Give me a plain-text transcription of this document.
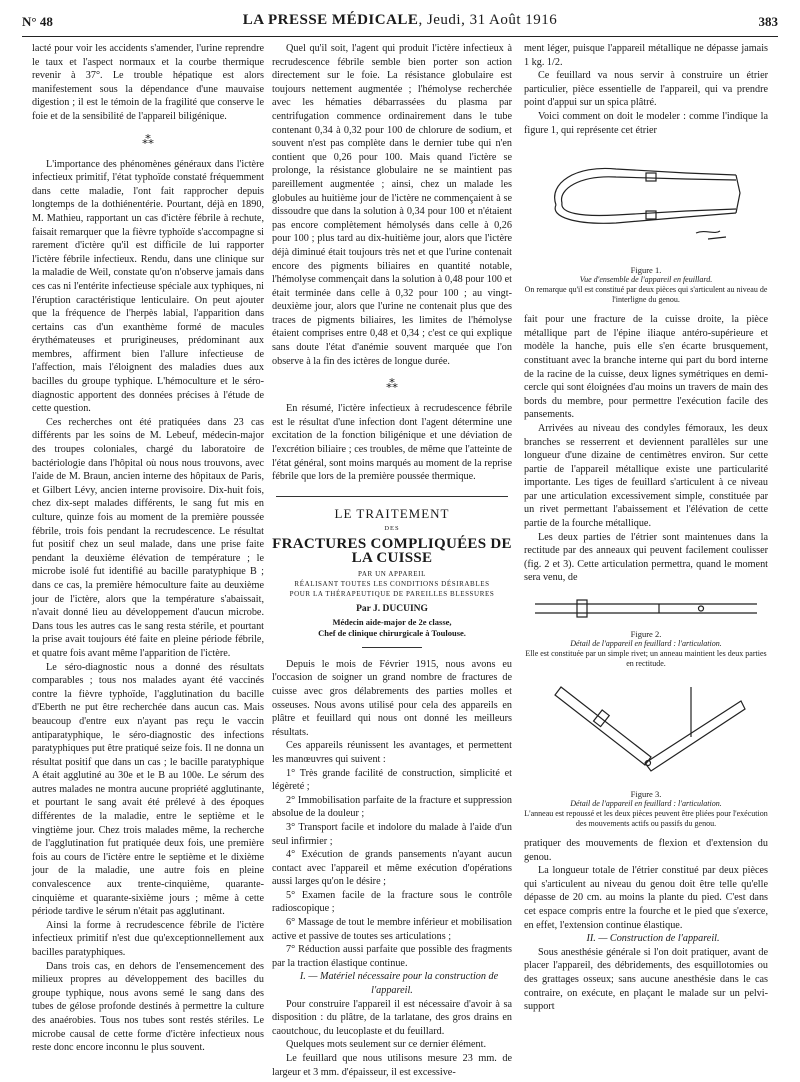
N° 48	LA PRESSE MÉDICALE, Jeudi, 31 Août 1916	383

lacté pour voir les accidents s'amender, l'urine reprendre le taux et l'aspect normaux et la courbe thermique revenir à 37°. Le trouble hépatique est alors manifestement sous la dépendance d'une mauvaise digestion ; il est le témoin de la fragilité que conserve le foie et de la sensibilité de l'appareil biligénique.

⁂

L'importance des phénomènes généraux dans l'ictère infectieux primitif, l'état typhoïde constaté fréquemment dans cette maladie, l'ont fait rapprocher depuis longtemps de la dothiénentérie. Pourtant, déjà en 1890, M. Mathieu, rapportant un cas d'ictère fébrile à rechute, faisait remarquer que la fièvre typhoïde s'accompagne si rarement d'ictère qu'il est difficile de lui rapporter l'ictère fébrile infectieux. Rendu, dans une clinique sur la maladie de Weil, constate qu'on n'observe jamais dans ces cas ni l'entérite infectieuse spéciale aux typhiques, ni l'éruption caractéristique lenticulaire. On peut ajouter que la fréquence de l'herpès labial, l'apparition dans certains cas d'un exanthème formé de macules érythémateuses et prurigineuses, prédominant aux membres, affirment bien l'allure infectieuse de l'affection, mais l'éloignent des maladies dues aux bacilles du groupe typhique. L'hémoculture et le séro-diagnostic apportent des données précises à l'étude de cette question.

Ces recherches ont été pratiquées dans 23 cas différents par les soins de M. Lebeuf, médecin-major des troupes coloniales, chargé du laboratoire de bactériologie dans l'hôpital où nous nous trouvons, avec l'aide de M. Braun, ancien interne des hôpitaux de Paris, et Gilbert Lévy, ancien interne provisoire. Dix-huit fois, chez dix-sept malades différents, le sang fut mis en culture, quinze fois au moment de la première poussée fébrile, trois fois pendant la recrudescence. Le résultat fut positif chez un seul malade, dans une prise faite pendant la deuxième élévation de température ; le microbe isolé fut identifié au bacille paratyphique B ; dans ce cas, la première hémoculture faite au deuxième jour de l'ictère, alors que la température s'abaissait, n'avait donné lieu au développement d'aucun microbe. Dans tous les autres cas le sang resta stérile, et pourtant la prise avait toujours été faite en pleine période fébrile, et quatre fois avant même l'apparition de l'ictère.

Le séro-diagnostic nous a donné des résultats comparables ; tous nos malades ayant été vaccinés contre la fièvre typhoïde, l'agglutination du bacille d'Eberth ne put être recherchée dans aucun cas. Mais beaucoup d'entre eux n'ayant pas reçu le vaccin antiparatyphique, le séro-diagnostic des infections paratyphiques put être pratiqué seize fois. Il ne donna un résultat positif que dans un cas ; le bacille paratyphique A était agglutiné au 30e et le B au 100e. Le sérum des autres malades ne montra aucune propriété agglutinante, et pourtant le sang avait été prélevé à des époques différentes de la maladie, entre le septième et le vingtième jour. Chez trois malades même, la recherche de l'agglutination fut pratiquée deux fois, une première fois au cours de l'ictère entre le septième et le dixième jour de la maladie, une autre fois en pleine convalescence aux trente-cinquième, quarante-cinquième et quarante-sixième jours ; même à cette période tardive le sérum n'était pas agglutinant.

Ainsi la forme à recrudescence fébrile de l'ictère infectieux primitif n'est due qu'exceptionnellement aux bacilles paratyphiques.

Dans trois cas, en dehors de l'ensemencement des milieux propres au développement des bacilles du groupe typhique, nous avons semé le sang dans des tubes de gélose profonde destinés à permettre la culture des anaérobies. Tous nos tubes sont restés stériles. Le microbe causal de cette forme d'ictère infectieux nous reste donc encore inconnu le plus souvent.

Quel qu'il soit, l'agent qui produit l'ictère infectieux à recrudescence fébrile semble bien porter son action directement sur le foie. La résistance globulaire est toujours nettement augmentée ; l'hémolyse recherchée avec les hématies débarrassées du plasma par centrifugation commence ordinairement dans le tube contenant 0,34 à 0,32 pour 100 de chlorure de sodium, et souvent n'est pas complète dans le dernier tube qui n'en contient que 0,26 pour 100. Mais quand l'ictère se prolonge, la résistance globulaire ne se maintient pas pareillement augmentée ; ainsi, chez un malade les globules au huitième jour de l'ictère ne commençaient à se dissoudre que dans la solution à 0,34 pour 100 et n'étaient pas encore complètement hémolysés dans celle à 0,26 pour 100 ; plus tard au dix-huitième jour, alors que l'ictère déjà diminué était toujours très net et que l'urine contenait encore des pigments biliaires en quantité notable, l'hémolyse commençait dans la solution à 0,48 pour 100 et était terminée dans celle à 0,32 pour 100 ; au vingt-deuxième jour, alors que l'urine ne contenait plus que des traces de pigments biliaires, les limites de l'hémolyse étaient comprises entre 0,48 et 0,34 ; c'est ce qui explique sans doute l'état d'anémie souvent marquée que l'on observe à la fin des ictères de longue durée.

⁂

En résumé, l'ictère infectieux à recrudescence fébrile est le résultat d'une infection dont l'agent détermine une excitation de la fonction biligénique et une déviation de l'excrétion biliaire ; ces troubles, de même que l'atteinte de l'état général, sont moins marqués au moment de la reprise fébrile que lors de la première poussée thermique.

LE TRAITEMENT
DES
FRACTURES COMPLIQUÉES DE LA CUISSE
PAR UN APPAREIL
RÉALISANT TOUTES LES CONDITIONS DÉSIRABLES
POUR LA THÉRAPEUTIQUE DE PAREILLES BLESSURES
Par J. DUCUING
Médecin aide-major de 2e classe,
Chef de clinique chirurgicale à Toulouse.

Depuis le mois de Février 1915, nous avons eu l'occasion de soigner un grand nombre de fractures de cuisse avec gros délabrements des parties molles et osseuses. Nous avons utilisé pour cela des appareils en plâtre et feuillard qui nous ont donné les meilleurs résultats.

Ces appareils réunissent les avantages, et permettent les manœuvres qui suivent :

1° Très grande facilité de construction, simplicité et légèreté ;

2° Immobilisation parfaite de la fracture et suppression absolue de la douleur ;

3° Transport facile et indolore du malade à l'aide d'un seul infirmier ;

4° Exécution de grands pansements n'ayant aucun contact avec l'appareil et même exécution d'opérations aussi larges qu'on le désire ;

5° Examen facile de la fracture sous le contrôle radioscopique ;

6° Massage de tout le membre inférieur et mobilisation active et passive de toutes ses articulations ;

7° Réduction aussi parfaite que possible des fragments par la traction élastique continue.

I. — Matériel nécessaire pour la construction de l'appareil.

Pour construire l'appareil il est nécessaire d'avoir à sa disposition : du plâtre, de la tarlatane, des gros drains en caoutchouc, du leucoplaste et du feuillard.

Quelques mots seulement sur ce dernier élément.

Le feuillard que nous utilisons mesure 23 mm. de largeur et 3 mm. d'épaisseur, il est excessive-

ment léger, puisque l'appareil métallique ne dépasse jamais 1 kg. 1/2.

Ce feuillard va nous servir à construire un étrier particulier, pièce essentielle de l'appareil, qui va prendre point d'appui sur un spica plâtré.

Voici comment on doit le modeler : comme l'indique la figure 1, qui représente cet étrier

Figure 1.
Vue d'ensemble de l'appareil en feuillard.
On remarque qu'il est constitué par deux pièces qui s'articulent au niveau de l'interligne du genou.

fait pour une fracture de la cuisse droite, la pièce métallique part de l'épine iliaque antéro-supérieure et modèle la hanche, puis elle s'en écarte brusquement, constituant avec la branche interne qui part du bord interne de la racine de la cuisse, deux lignes symétriques en demi-cercle qui sont éloignées d'au moins un travers de main des bords du membre, pour permettre l'exécution facile des pansements.

Arrivées au niveau des condyles fémoraux, les deux branches se resserrent et deviennent parallèles sur une longueur d'une dizaine de centimètres environ. Sur cette partie de l'appareil métallique existe une particularité importante. Les tiges de feuillard s'articulent à ce niveau par une articulation excessivement simple, constituée par un rivet permettant l'abaissement et l'élévation de cette partie de la fourche métallique.

Les deux parties de l'étrier sont maintenues dans la rectitude par des anneaux qui peuvent facilement coulisser (fig. 2 et 3). Cette articulation permettra, quand le moment sera venu, de

Figure 2.
Détail de l'appareil en feuillard : l'articulation.
Elle est constituée par un simple rivet; un anneau maintient les deux parties en rectitude.
Figure 3.
Détail de l'appareil en feuillard : l'articulation.
L'anneau est repoussé et les deux pièces peuvent être pliées pour l'exécution des mouvements actifs ou passifs du genou.

pratiquer des mouvements de flexion et d'extension du genou.

La longueur totale de l'étrier constitué par deux pièces qui s'articulent au niveau du genou doit être telle qu'elle dépasse de 20 cm. au moins la plante du pied. C'est dans cet espace compris entre la fourche et le pied que s'exerce, en effet, l'extension continue élastique.

II. — Construction de l'appareil.

Sous anesthésie générale si l'on doit pratiquer, avant de placer l'appareil, des débridements, des esquillotomies ou des grattages osseux; sans aucune anesthésie dans le cas contraire, on exécute, en plaçant le malade sur un pelvi-support
